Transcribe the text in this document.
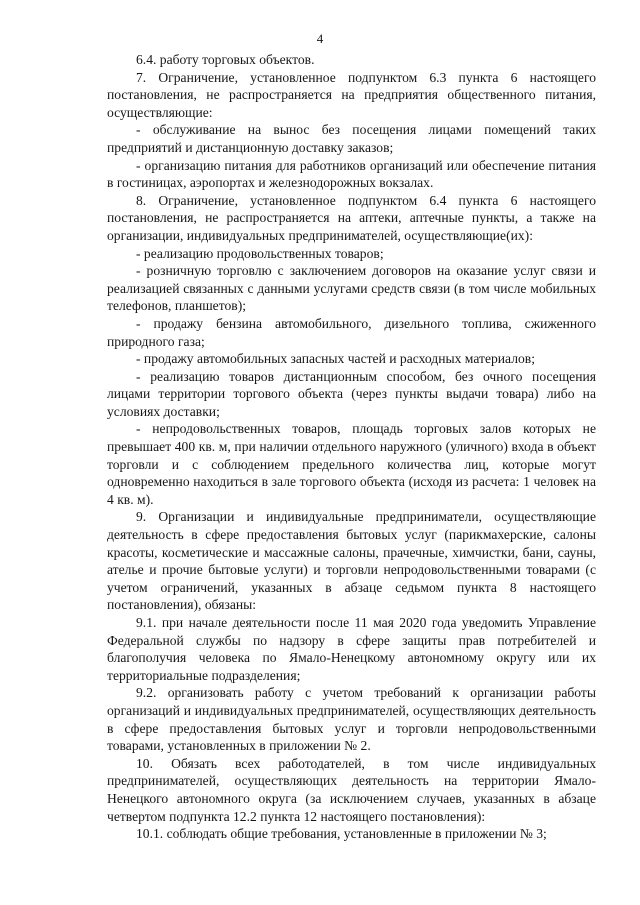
4

6.4. работу торговых объектов.

7. Ограничение, установленное подпунктом 6.3 пункта 6 настоящего постановления, не распространяется на предприятия общественного питания, осуществляющие:

- обслуживание на вынос без посещения лицами помещений таких предприятий и дистанционную доставку заказов;

- организацию питания для работников организаций или обеспечение питания в гостиницах, аэропортах и железнодорожных вокзалах.

8. Ограничение, установленное подпунктом 6.4 пункта 6 настоящего постановления, не распространяется на аптеки, аптечные пункты, а также на организации, индивидуальных предпринимателей, осуществляющие(их):

- реализацию продовольственных товаров;

- розничную торговлю с заключением договоров на оказание услуг связи и реализацией связанных с данными услугами средств связи (в том числе мобильных телефонов, планшетов);

- продажу бензина автомобильного, дизельного топлива, сжиженного природного газа;

- продажу автомобильных запасных частей и расходных материалов;

- реализацию товаров дистанционным способом, без очного посещения лицами территории торгового объекта (через пункты выдачи товара) либо на условиях доставки;

- непродовольственных товаров, площадь торговых залов которых не превышает 400 кв. м, при наличии отдельного наружного (уличного) входа в объект торговли и с соблюдением предельного количества лиц, которые могут одновременно находиться в зале торгового объекта (исходя из расчета: 1 человек на 4 кв. м).

9. Организации и индивидуальные предприниматели, осуществляющие деятельность в сфере предоставления бытовых услуг (парикмахерские, салоны красоты, косметические и массажные салоны, прачечные, химчистки, бани, сауны, ателье и прочие бытовые услуги) и торговли непродовольственными товарами (с учетом ограничений, указанных в абзаце седьмом пункта 8 настоящего постановления), обязаны:

9.1. при начале деятельности после 11 мая 2020 года уведомить Управление Федеральной службы по надзору в сфере защиты прав потребителей и благополучия человека по Ямало-Ненецкому автономному округу или их территориальные подразделения;

9.2. организовать работу с учетом требований к организации работы организаций и индивидуальных предпринимателей, осуществляющих деятельность в сфере предоставления бытовых услуг и торговли непродовольственными товарами, установленных в приложении № 2.

10. Обязать всех работодателей, в том числе индивидуальных предпринимателей, осуществляющих деятельность на территории Ямало-Ненецкого автономного округа (за исключением случаев, указанных в абзаце четвертом подпункта 12.2 пункта 12 настоящего постановления):

10.1. соблюдать общие требования, установленные в приложении № 3;
